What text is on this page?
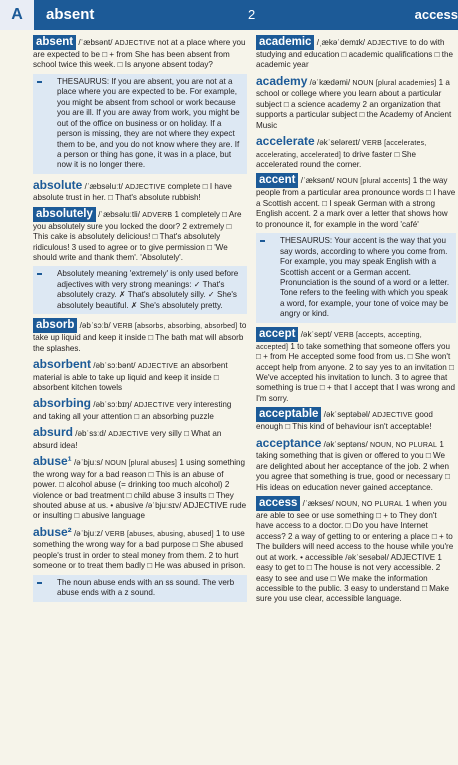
A	absent	2	access
absent /ˈæbsənt/ ADJECTIVE not at a place where you are expected to be □ + from She has been absent from school twice this week. □ Is anyone absent today?
THESAURUS: If you are absent, you are not at a place where you are expected to be. For example, you might be absent from school or work because you are ill. If you are away from work, you might be out of the office on business or on holiday. If a person is missing, they are not where they expect them to be, and you do not know where they are. If a person or thing has gone, it was in a place, but now it is no longer there.
absolute /ˈæbsəluːt/ ADJECTIVE complete □ I have absolute trust in her. □ That's absolute rubbish!
absolutely /ˈæbsəluːtli/ ADVERB 1 completely □ Are you absolutely sure you locked the door? 2 extremely □ This cake is absolutely delicious! □ That's absolutely ridiculous! 3 used to agree or to give permission □ 'We should write and thank them'. 'Absolutely'.
Absolutely meaning 'extremely' is only used before adjectives with very strong meanings: ✓ That's absolutely crazy. ✗ That's absolutely silly. ✓ She's absolutely beautiful. ✗ She's absolutely pretty.
absorb /əbˈsɔːb/ VERB [absorbs, absorbing, absorbed] to take up liquid and keep it inside □ The bath mat will absorb the splashes.
absorbent /əbˈsɔːbənt/ ADJECTIVE an absorbent material is able to take up liquid and keep it inside □ absorbent kitchen towels
absorbing /əbˈsɔːbɪŋ/ ADJECTIVE very interesting and taking all your attention □ an absorbing puzzle
absurd /əbˈsɜːd/ ADJECTIVE very silly □ What an absurd idea!
abuse¹ /əˈbjuːs/ NOUN [plural abuses] 1 using something the wrong way for a bad reason □ This is an abuse of power. □ alcohol abuse (= drinking too much alcohol) 2 violence or bad treatment □ child abuse 3 insults □ They shouted abuse at us. • abusive /əˈbjuːsɪv/ ADJECTIVE rude or insulting □ abusive language
abuse² /əˈbjuːz/ VERB [abuses, abusing, abused] 1 to use something the wrong way for a bad purpose □ She abused people's trust in order to steal money from them. 2 to hurt someone or to treat them badly □ He was abused in prison.
The noun abuse ends with an ss sound. The verb abuse ends with a z sound.
academic /ˌækəˈdemɪk/ ADJECTIVE to do with studying and education □ academic qualifications □ the academic year
academy /əˈkædəmi/ NOUN [plural academies] 1 a school or college where you learn about a particular subject □ a science academy 2 an organization that supports a particular subject □ the Academy of Ancient Music
accelerate /əkˈseləreɪt/ VERB [accelerates, accelerating, accelerated] to drive faster □ She accelerated round the corner.
accent /ˈæksənt/ NOUN [plural accents] 1 the way people from a particular area pronounce words □ I have a Scottish accent. □ I speak German with a strong English accent. 2 a mark over a letter that shows how to pronounce it, for example in the word 'café'
THESAURUS: Your accent is the way that you say words, according to where you come from. For example, you may speak English with a Scottish accent or a German accent. Pronunciation is the sound of a word or a letter. Tone refers to the feeling with which you speak a word, for example, your tone of voice may be angry or kind.
accept /əkˈsept/ VERB [accepts, accepting, accepted] 1 to take something that someone offers you □ + from He accepted some food from us. □ She won't accept help from anyone. 2 to say yes to an invitation □ We've accepted his invitation to lunch. 3 to agree that something is true □ + that I accept that I was wrong and I'm sorry.
acceptable /əkˈseptəbəl/ ADJECTIVE good enough □ This kind of behaviour isn't acceptable!
acceptance /əkˈseptəns/ NOUN, NO PLURAL 1 taking something that is given or offered to you □ We are delighted about her acceptance of the job. 2 when you agree that something is true, good or necessary □ His ideas on education never gained acceptance.
access /ˈækses/ NOUN, NO PLURAL 1 when you are able to see or use something □ + to They don't have access to a doctor. □ Do you have Internet access? 2 a way of getting to or entering a place □ + to The builders will need access to the house while you're out at work. • accessible /əkˈsesəbəl/ ADJECTIVE 1 easy to get to □ The house is not very accessible. 2 easy to see and use □ We make the information accessible to the public. 3 easy to understand □ Make sure you use clear, accessible language.
